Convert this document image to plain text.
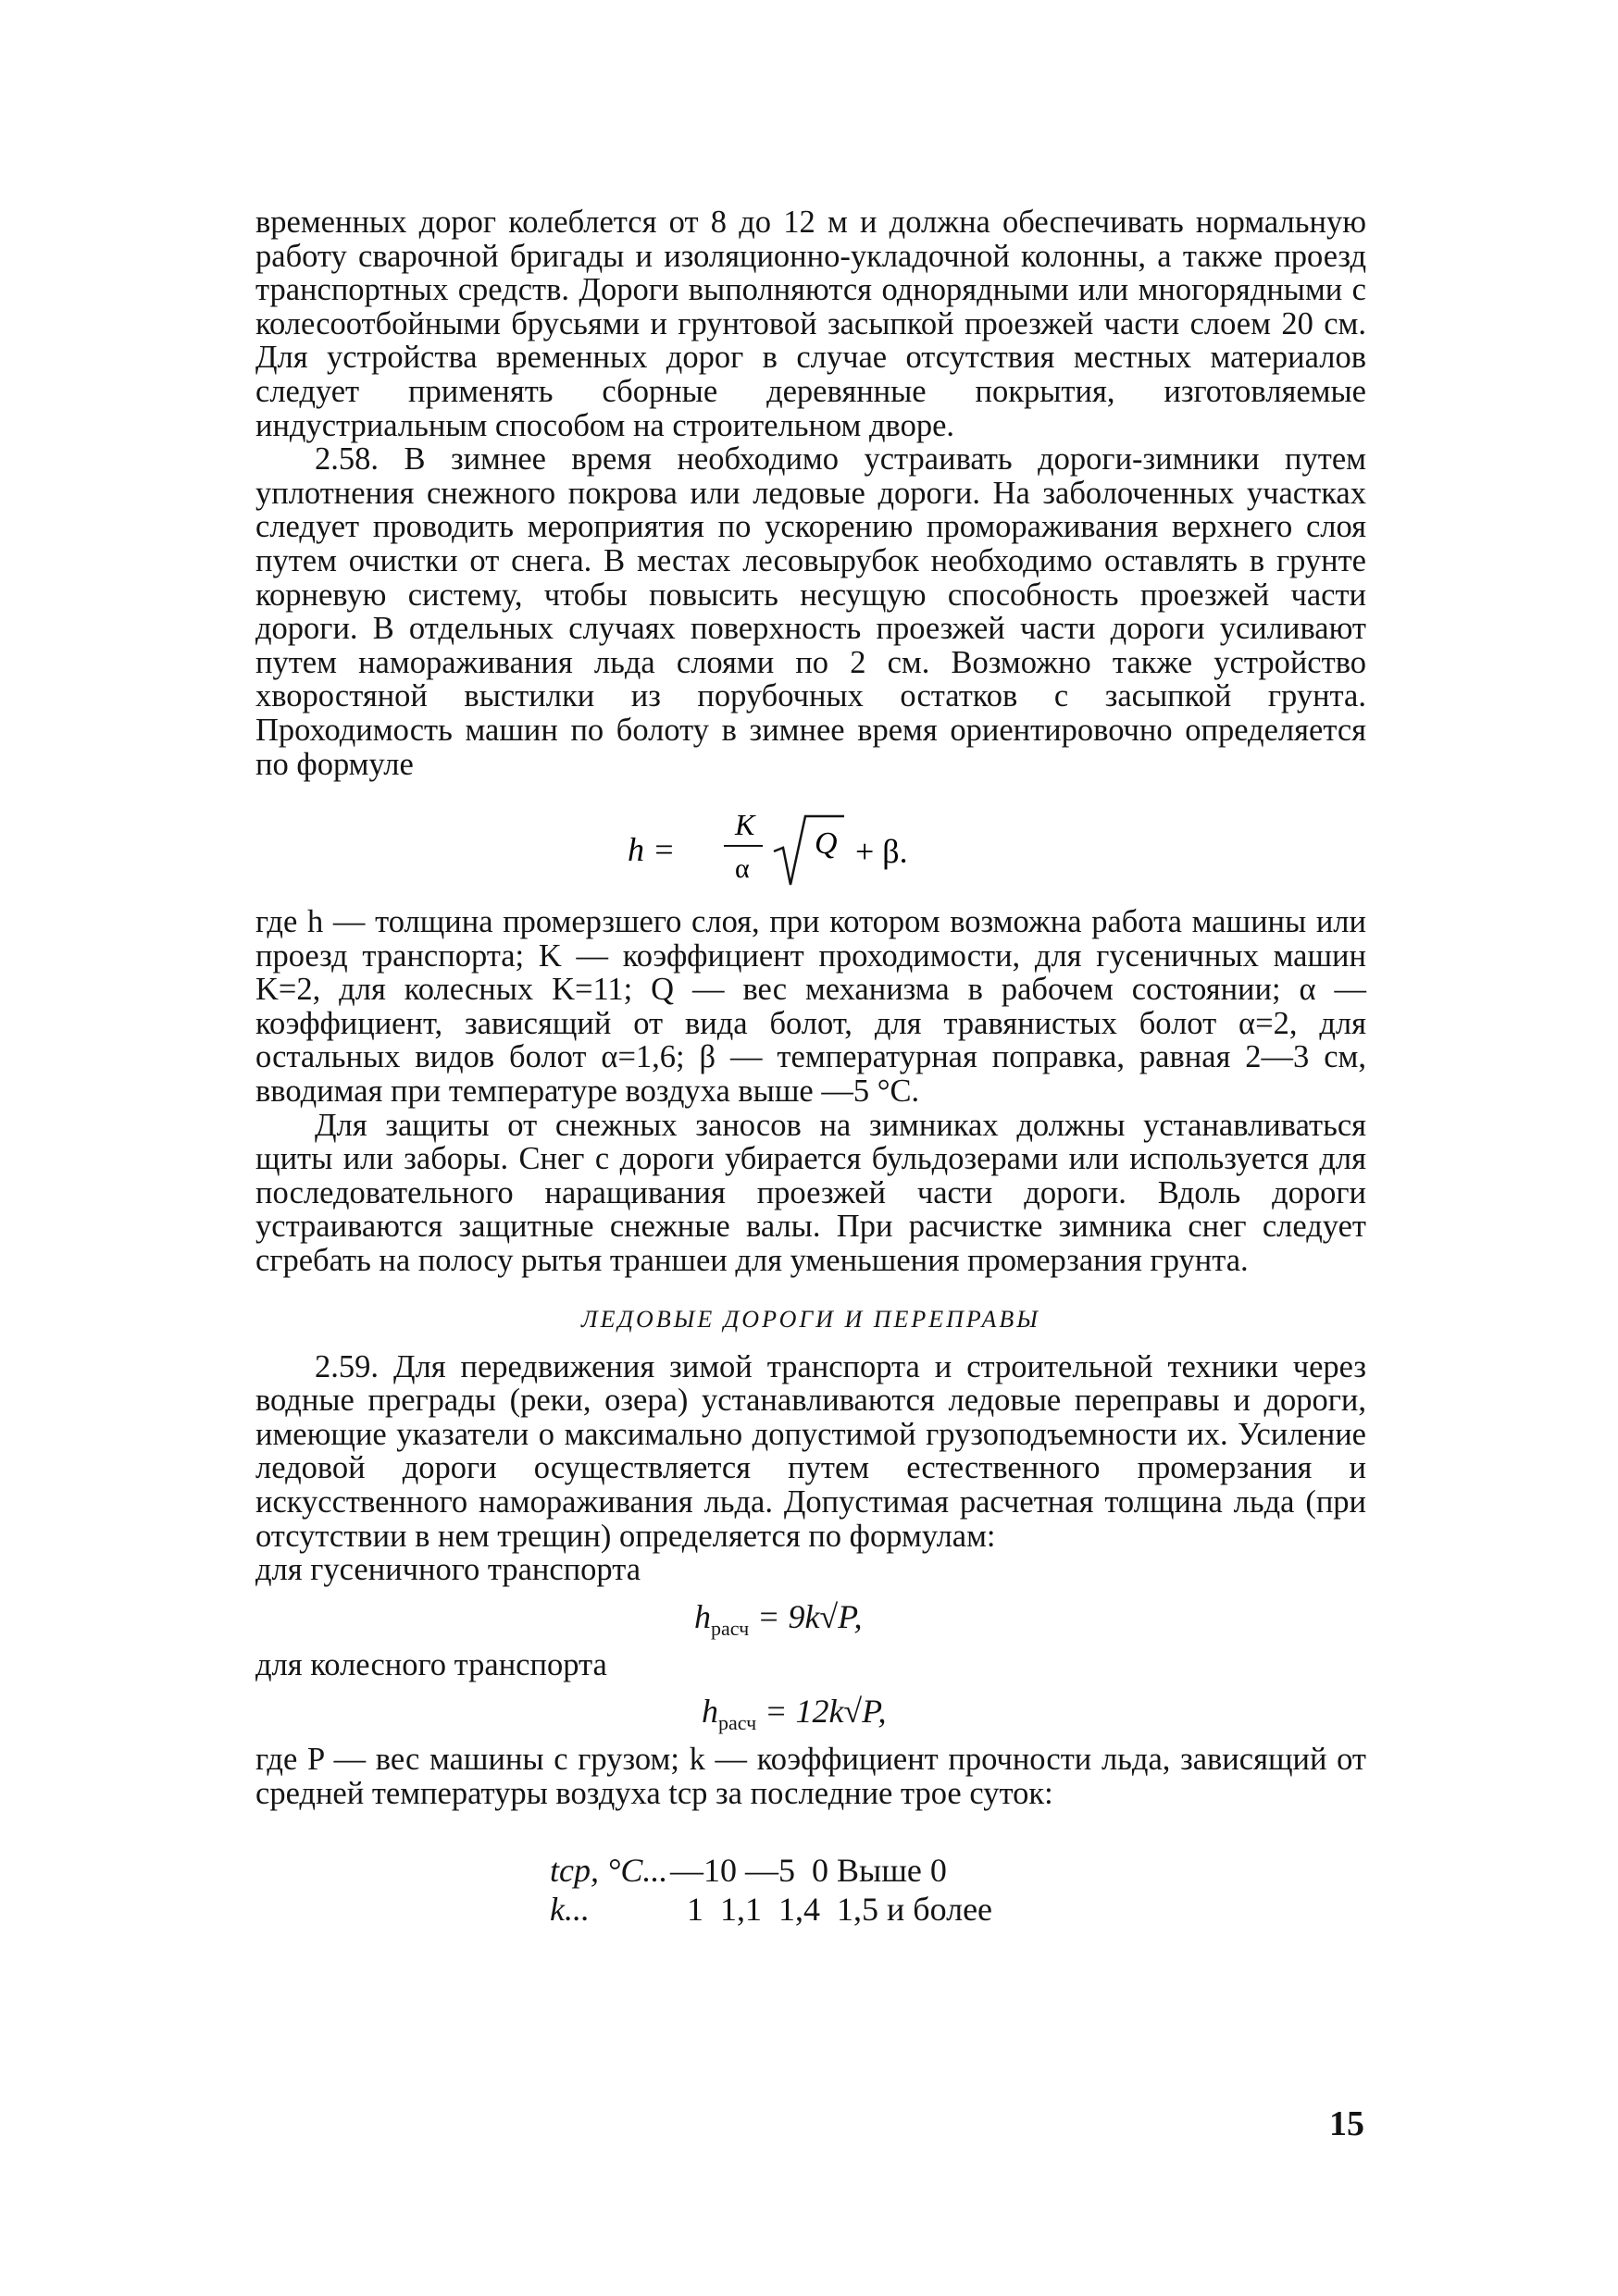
временных дорог колеблется от 8 до 12 м и должна обеспечивать нормальную работу сварочной бригады и изоляционно-укладочной колонны, а также проезд транспортных средств. Дороги выполняются однорядными или многорядными с колесоотбойными брусьями и грунтовой засыпкой проезжей части слоем 20 см. Для устройства временных дорог в случае отсутствия местных материалов следует применять сборные деревянные покрытия, изготовляемые индустриальным способом на строительном дворе.

2.58. В зимнее время необходимо устраивать дороги-зимники путем уплотнения снежного покрова или ледовые дороги. На заболоченных участках следует проводить мероприятия по ускорению промораживания верхнего слоя путем очистки от снега. В местах лесовырубок необходимо оставлять в грунте корневую систему, чтобы повысить несущую способность проезжей части дороги. В отдельных случаях поверхность проезжей части дороги усиливают путем намораживания льда слоями по 2 см. Возможно также устройство хворостяной выстилки из порубочных остатков с засыпкой грунта. Проходимость машин по болоту в зимнее время ориентировочно определяется по формуле

h =
K
α
Q + β.

где h — толщина промерзшего слоя, при котором возможна работа машины или проезд транспорта; K — коэффициент проходимости, для гусеничных машин K=2, для колесных K=11; Q — вес механизма в рабочем состоянии; α — коэффициент, зависящий от вида болот, для травянистых болот α=2, для остальных видов болот α=1,6; β — температурная поправка, равная 2—3 см, вводимая при температуре воздуха выше —5 °С.

Для защиты от снежных заносов на зимниках должны устанавливаться щиты или заборы. Снег с дороги убирается бульдозерами или используется для последовательного наращивания проезжей части дороги. Вдоль дороги устраиваются защитные снежные валы. При расчистке зимника снег следует сгребать на полосу рытья траншеи для уменьшения промерзания грунта.

ЛЕДОВЫЕ ДОРОГИ И ПЕРЕПРАВЫ

2.59. Для передвижения зимой транспорта и строительной техники через водные преграды (реки, озера) устанавливаются ледовые переправы и дороги, имеющие указатели о максимально допустимой грузоподъемности их. Усиление ледовой дороги осуществляется путем естественного промерзания и искусственного намораживания льда. Допустимая расчетная толщина льда (при отсутствии в нем трещин) определяется по формулам:

для гусеничного транспорта

$h_{расч} = 9k√P$,

для колесного транспорта

$h_{расч} = 12k√P$,

где P — вес машины с грузом; k — коэффициент прочности льда, зависящий от средней температуры воздуха tср за последние трое суток:

tср, °С...—10 —5  0 Выше 0

k...  1  1,1  1,4  1,5 и более

15
